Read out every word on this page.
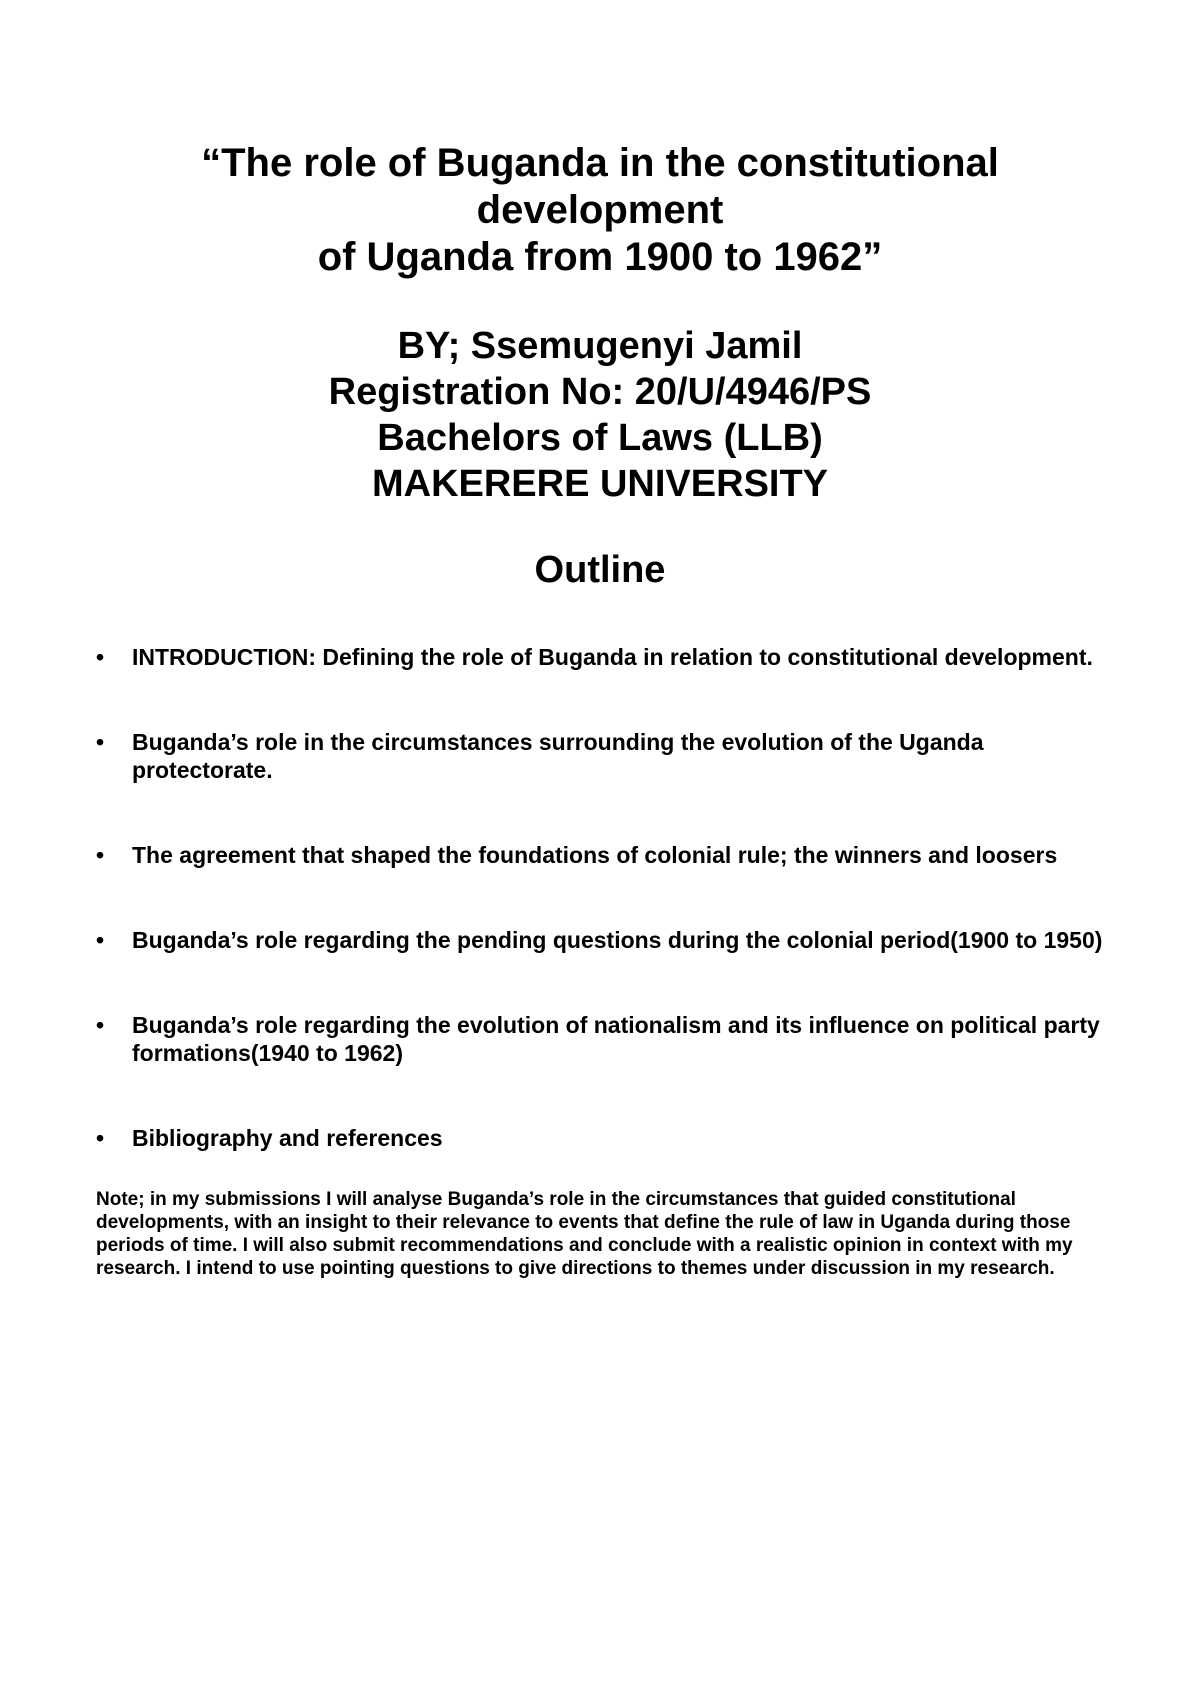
“The role of Buganda in the constitutional development

of Uganda from 1900 to 1962”

BY; Ssemugenyi Jamil

Registration No: 20/U/4946/PS

Bachelors of Laws (LLB)

MAKERERE UNIVERSITY

Outline

•	INTRODUCTION: Defining the role of Buganda in relation to constitutional development.
•	Buganda’s role in the circumstances surrounding the evolution of the Uganda protectorate.
•	The agreement that shaped the foundations of colonial rule; the winners and loosers
•	Buganda’s role regarding the pending questions during the colonial period(1900 to 1950)
•	Buganda’s role regarding the evolution of nationalism and its influence on political party formations(1940 to 1962)
•	Bibliography and references

Note; in my submissions I will analyse Buganda’s role in the circumstances that guided constitutional developments, with an insight to their relevance to events that define the rule of law in Uganda during those periods of time. I will also submit recommendations and conclude with a realistic opinion in context with my research. I intend to use pointing questions to give directions to themes under discussion in my research.
